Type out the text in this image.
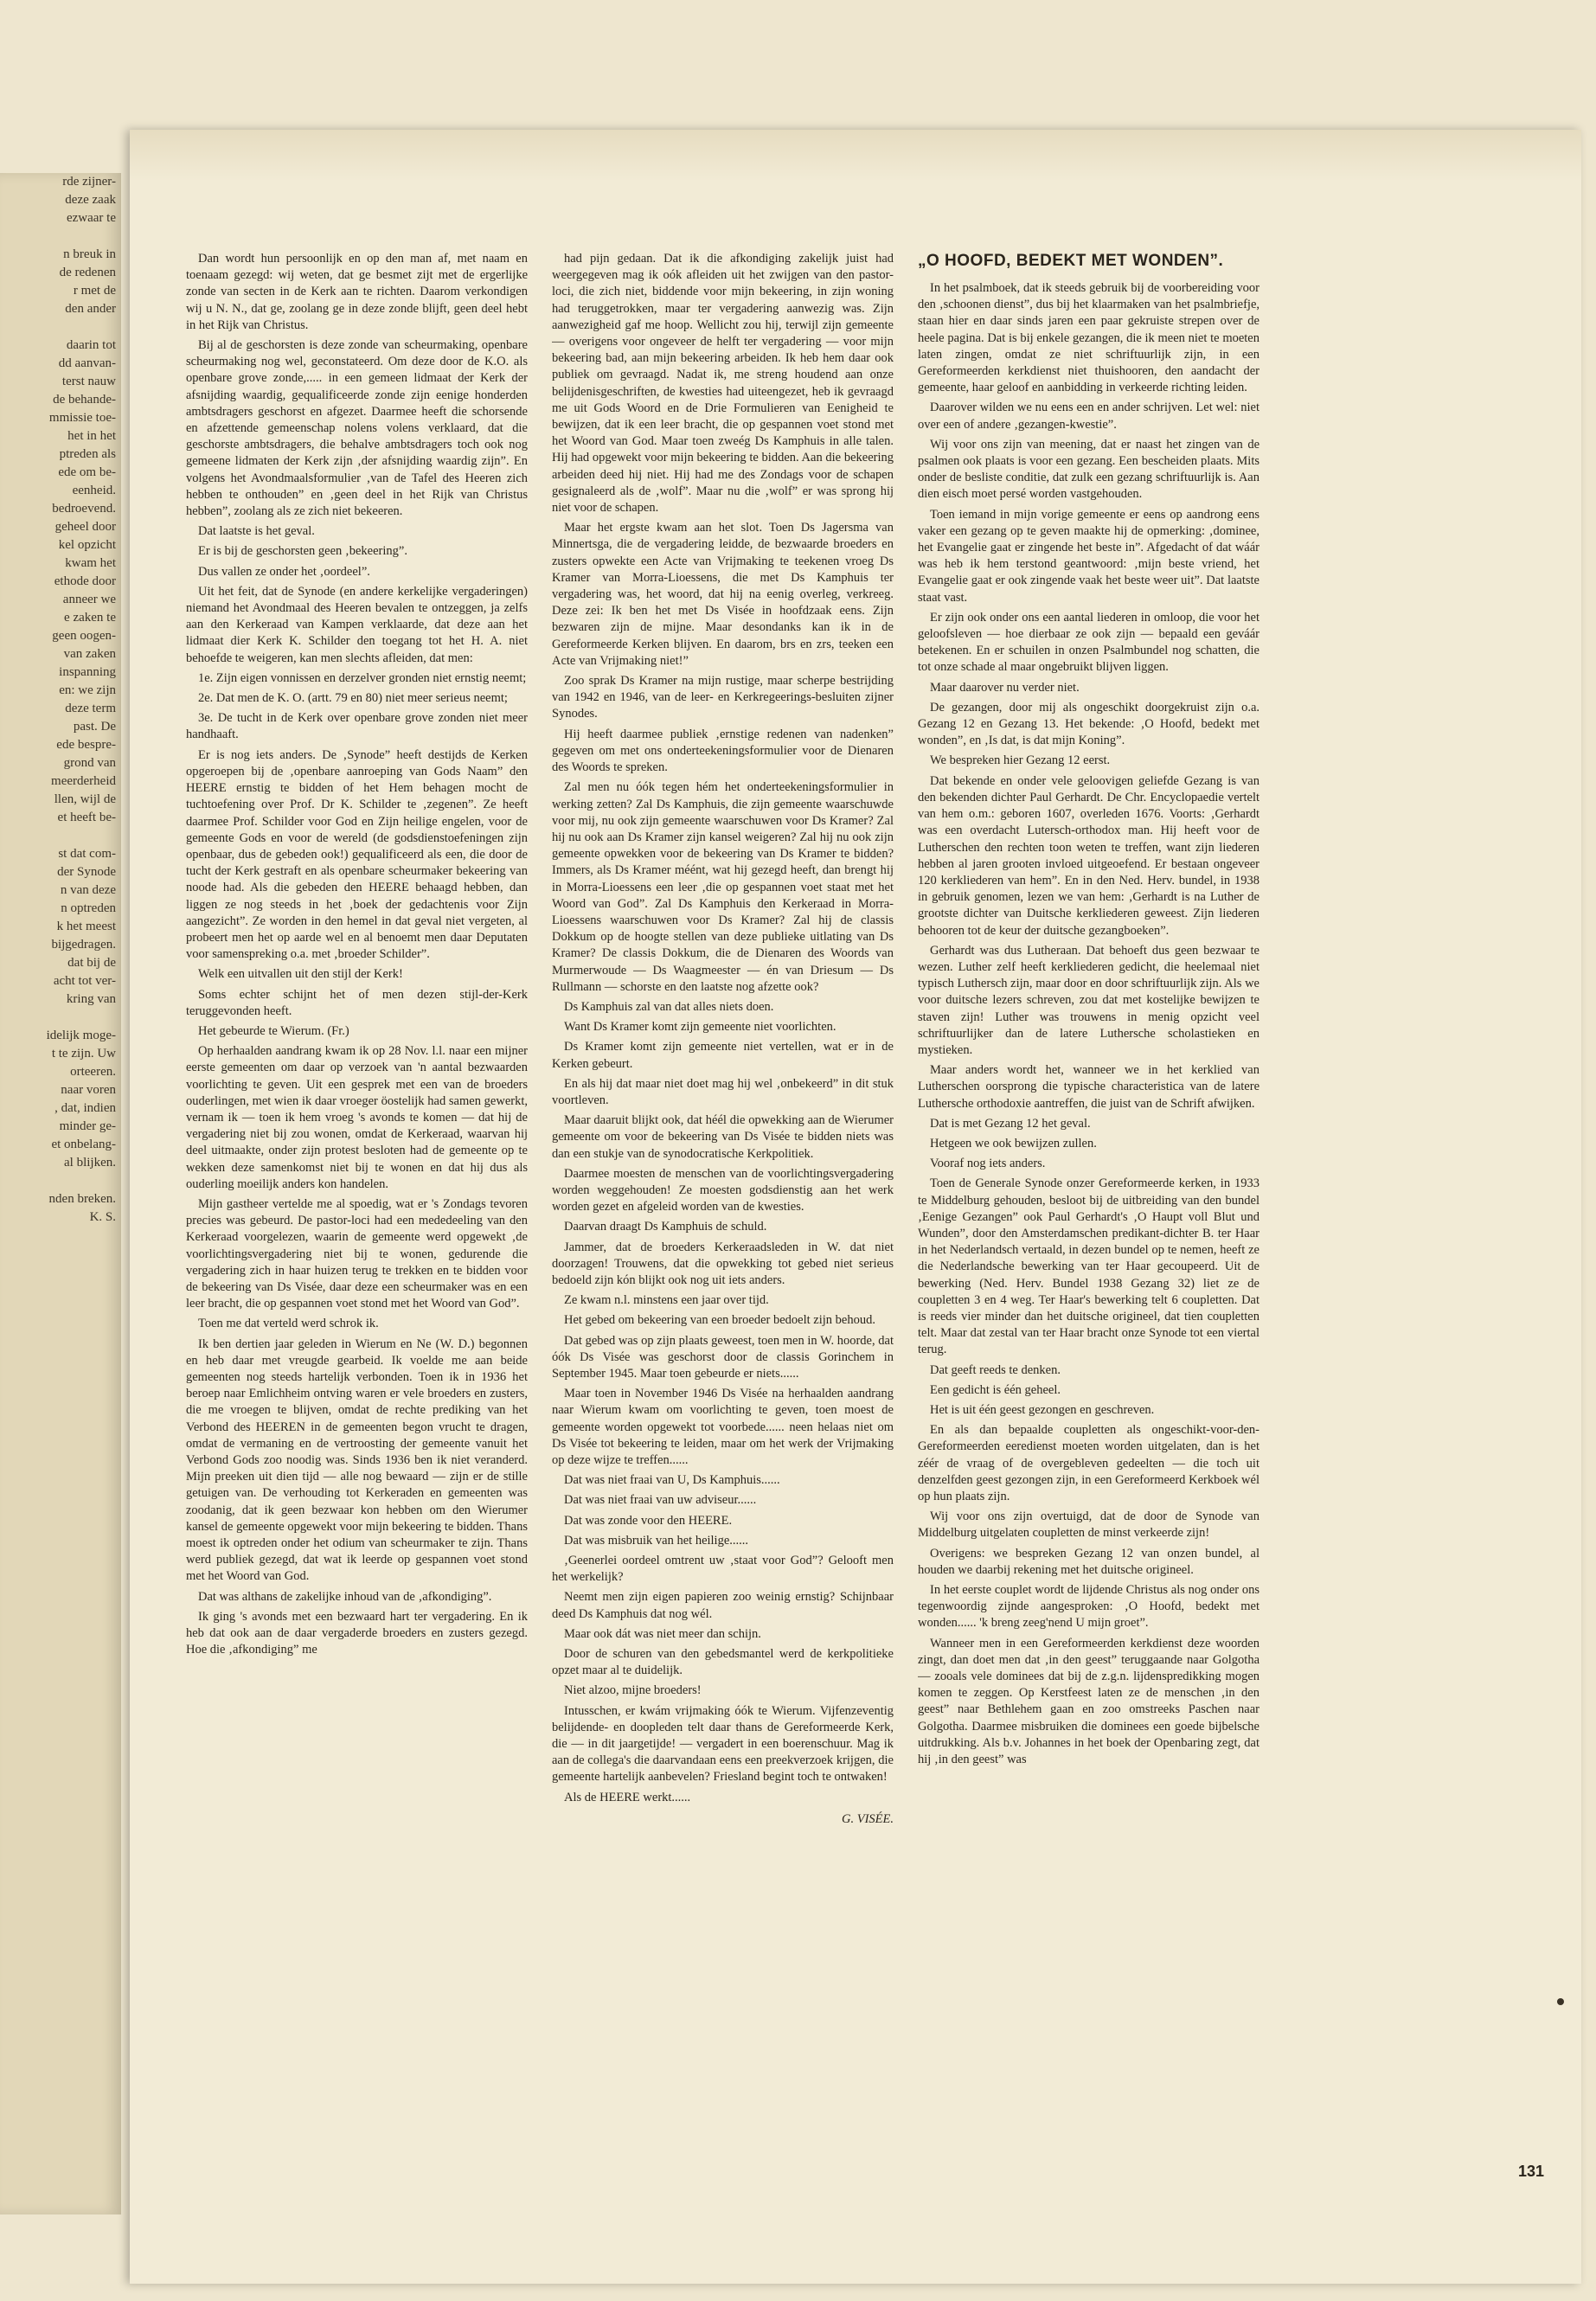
rde zijner-

deze zaak

ezwaar te

n breuk in

de redenen

r met de

den ander

daarin tot

dd aanvan-

terst nauw

de behande-

mmissie toe-

het in het

ptreden als

ede om be-

eenheid.

bedroevend.

geheel door

kel opzicht

kwam het

ethode door

anneer we

e zaken te

geen oogen-

van zaken

inspanning

en: we zijn

deze term

past. De

ede bespre-

grond van

meerderheid

llen, wijl de

et heeft be-

st dat com-

der Synode

n van deze

n optreden

k het meest

bijgedragen.

dat bij de

acht tot ver-

kring van

idelijk moge-

t te zijn. Uw

orteeren.

naar voren

, dat, indien

minder ge-

et onbelang-

al blijken.

nden breken.

K. S.

Dan wordt hun persoonlijk en op den man af, met naam en toenaam gezegd: wij weten, dat ge besmet zijt met de ergerlijke zonde van secten in de Kerk aan te richten. Daarom verkondigen wij u N. N., dat ge, zoolang ge in deze zonde blijft, geen deel hebt in het Rijk van Christus.

Bij al de geschorsten is deze zonde van scheurmaking, openbare scheurmaking nog wel, geconstateerd. Om deze door de K.O. als openbare grove zonde,..... in een gemeen lidmaat der Kerk der afsnijding waardig, gequalificeerde zonde zijn eenige honderden ambtsdragers geschorst en afgezet. Daarmee heeft die schorsende en afzettende gemeenschap nolens volens verklaard, dat die geschorste ambtsdragers, die behalve ambtsdragers toch ook nog gemeene lidmaten der Kerk zijn ‚der afsnijding waardig zijn”. En volgens het Avondmaalsformulier ‚van de Tafel des Heeren zich hebben te onthouden” en ‚geen deel in het Rijk van Christus hebben”, zoolang als ze zich niet bekeeren.

Dat laatste is het geval.

Er is bij de geschorsten geen ‚bekeering”.

Dus vallen ze onder het ‚oordeel”.

Uit het feit, dat de Synode (en andere kerkelijke vergaderingen) niemand het Avondmaal des Heeren bevalen te ontzeggen, ja zelfs aan den Kerkeraad van Kampen verklaarde, dat deze aan het lidmaat dier Kerk K. Schilder den toegang tot het H. A. niet behoefde te weigeren, kan men slechts afleiden, dat men:

1e. Zijn eigen vonnissen en derzelver gronden niet ernstig neemt;

2e. Dat men de K. O. (artt. 79 en 80) niet meer serieus neemt;

3e. De tucht in de Kerk over openbare grove zonden niet meer handhaaft.

Er is nog iets anders. De ‚Synode” heeft destijds de Kerken opgeroepen bij de ‚openbare aanroeping van Gods Naam” den HEERE ernstig te bidden of het Hem behagen mocht de tuchtoefening over Prof. Dr K. Schilder te ‚zegenen”. Ze heeft daarmee Prof. Schilder voor God en Zijn heilige engelen, voor de gemeente Gods en voor de wereld (de godsdienstoefeningen zijn openbaar, dus de gebeden ook!) gequalificeerd als een, die door de tucht der Kerk gestraft en als openbare scheurmaker bekeering van noode had. Als die gebeden den HEERE behaagd hebben, dan liggen ze nog steeds in het ‚boek der gedachtenis voor Zijn aangezicht”. Ze worden in den hemel in dat geval niet vergeten, al probeert men het op aarde wel en al benoemt men daar Deputaten voor samenspreking o.a. met ‚broeder Schilder”.

Welk een uitvallen uit den stijl der Kerk!

Soms echter schijnt het of men dezen stijl-der-Kerk teruggevonden heeft.

Het gebeurde te Wierum. (Fr.)

Op herhaalden aandrang kwam ik op 28 Nov. l.l. naar een mijner eerste gemeenten om daar op verzoek van 'n aantal bezwaarden voorlichting te geven. Uit een gesprek met een van de broeders ouderlingen, met wien ik daar vroeger öostelijk had samen gewerkt, vernam ik — toen ik hem vroeg 's avonds te komen — dat hij de vergadering niet bij zou wonen, omdat de Kerkeraad, waarvan hij deel uitmaakte, onder zijn protest besloten had de gemeente op te wekken deze samenkomst niet bij te wonen en dat hij dus als ouderling moeilijk anders kon handelen.

Mijn gastheer vertelde me al spoedig, wat er 's Zondags tevoren precies was gebeurd. De pastor-loci had een mededeeling van den Kerkeraad voorgelezen, waarin de gemeente werd opgewekt ‚de voorlichtingsvergadering niet bij te wonen, gedurende die vergadering zich in haar huizen terug te trekken en te bidden voor de bekeering van Ds Visée, daar deze een scheurmaker was en een leer bracht, die op gespannen voet stond met het Woord van God”.

Toen me dat verteld werd schrok ik.

Ik ben dertien jaar geleden in Wierum en Ne (W. D.) begonnen en heb daar met vreugde gearbeid. Ik voelde me aan beide gemeenten nog steeds hartelijk verbonden. Toen ik in 1936 het beroep naar Emlichheim ontving waren er vele broeders en zusters, die me vroegen te blijven, omdat de rechte prediking van het Verbond des HEEREN in de gemeenten begon vrucht te dragen, omdat de vermaning en de vertroosting der gemeente vanuit het Verbond Gods zoo noodig was. Sinds 1936 ben ik niet veranderd. Mijn preeken uit dien tijd — alle nog bewaard — zijn er de stille getuigen van. De verhouding tot Kerkeraden en gemeenten was zoodanig, dat ik geen bezwaar kon hebben om den Wierumer kansel de gemeente opgewekt voor mijn bekeering te bidden. Thans moest ik optreden onder het odium van scheurmaker te zijn. Thans werd publiek gezegd, dat wat ik leerde op gespannen voet stond met het Woord van God.

Dat was althans de zakelijke inhoud van de ‚afkondiging”.

Ik ging 's avonds met een bezwaard hart ter vergadering. En ik heb dat ook aan de daar vergaderde broeders en zusters gezegd. Hoe die ‚afkondiging” me

had pijn gedaan. Dat ik die afkondiging zakelijk juist had weergegeven mag ik oók afleiden uit het zwijgen van den pastor-loci, die zich niet, biddende voor mijn bekeering, in zijn woning had teruggetrokken, maar ter vergadering aanwezig was. Zijn aanwezigheid gaf me hoop. Wellicht zou hij, terwijl zijn gemeente — overigens voor ongeveer de helft ter vergadering — voor mijn bekeering bad, aan mijn bekeering arbeiden. Ik heb hem daar ook publiek om gevraagd. Nadat ik, me streng houdend aan onze belijdenisgeschriften, de kwesties had uiteengezet, heb ik gevraagd me uit Gods Woord en de Drie Formulieren van Eenigheid te bewijzen, dat ik een leer bracht, die op gespannen voet stond met het Woord van God. Maar toen zweég Ds Kamphuis in alle talen. Hij had opgewekt voor mijn bekeering te bidden. Aan die bekeering arbeiden deed hij niet. Hij had me des Zondags voor de schapen gesignaleerd als de ‚wolf”. Maar nu die ‚wolf” er was sprong hij niet voor de schapen.

Maar het ergste kwam aan het slot. Toen Ds Jagersma van Minnertsga, die de vergadering leidde, de bezwaarde broeders en zusters opwekte een Acte van Vrijmaking te teekenen vroeg Ds Kramer van Morra-Lioessens, die met Ds Kamphuis ter vergadering was, het woord, dat hij na eenig overleg, verkreeg. Deze zei: Ik ben het met Ds Visée in hoofdzaak eens. Zijn bezwaren zijn de mijne. Maar desondanks kan ik in de Gereformeerde Kerken blijven. En daarom, brs en zrs, teeken een Acte van Vrijmaking niet!”

Zoo sprak Ds Kramer na mijn rustige, maar scherpe bestrijding van 1942 en 1946, van de leer- en Kerkregeerings-besluiten zijner Synodes.

Hij heeft daarmee publiek ‚ernstige redenen van nadenken” gegeven om met ons onderteekeningsformulier voor de Dienaren des Woords te spreken.

Zal men nu óók tegen hém het onderteekeningsformulier in werking zetten? Zal Ds Kamphuis, die zijn gemeente waarschuwde voor mij, nu ook zijn gemeente waarschuwen voor Ds Kramer? Zal hij nu ook aan Ds Kramer zijn kansel weigeren? Zal hij nu ook zijn gemeente opwekken voor de bekeering van Ds Kramer te bidden? Immers, als Ds Kramer méént, wat hij gezegd heeft, dan brengt hij in Morra-Lioessens een leer ‚die op gespannen voet staat met het Woord van God”. Zal Ds Kamphuis den Kerkeraad in Morra-Lioessens waarschuwen voor Ds Kramer? Zal hij de classis Dokkum op de hoogte stellen van deze publieke uitlating van Ds Kramer? De classis Dokkum, die de Dienaren des Woords van Murmerwoude — Ds Waagmeester — én van Driesum — Ds Rullmann — schorste en den laatste nog afzette ook?

Ds Kamphuis zal van dat alles niets doen.

Want Ds Kramer komt zijn gemeente niet voorlichten.

Ds Kramer komt zijn gemeente niet vertellen, wat er in de Kerken gebeurt.

En als hij dat maar niet doet mag hij wel ‚onbekeerd” in dit stuk voortleven.

Maar daaruit blijkt ook, dat héél die opwekking aan de Wierumer gemeente om voor de bekeering van Ds Visée te bidden niets was dan een stukje van de synodocratische Kerkpolitiek.

Daarmee moesten de menschen van de voorlichtingsvergadering worden weggehouden! Ze moesten godsdienstig aan het werk worden gezet en afgeleid worden van de kwesties.

Daarvan draagt Ds Kamphuis de schuld.

Jammer, dat de broeders Kerkeraadsleden in W. dat niet doorzagen! Trouwens, dat die opwekking tot gebed niet serieus bedoeld zijn kón blijkt ook nog uit iets anders.

Ze kwam n.l. minstens een jaar over tijd.

Het gebed om bekeering van een broeder bedoelt zijn behoud.

Dat gebed was op zijn plaats geweest, toen men in W. hoorde, dat óók Ds Visée was geschorst door de classis Gorinchem in September 1945. Maar toen gebeurde er niets......

Maar toen in November 1946 Ds Visée na herhaalden aandrang naar Wierum kwam om voorlichting te geven, toen moest de gemeente worden opgewekt tot voorbede...... neen helaas niet om Ds Visée tot bekeering te leiden, maar om het werk der Vrijmaking op deze wijze te treffen......

Dat was niet fraai van U, Ds Kamphuis......

Dat was niet fraai van uw adviseur......

Dat was zonde voor den HEERE.

Dat was misbruik van het heilige......

‚Geenerlei oordeel omtrent uw ‚staat voor God”? Gelooft men het werkelijk?

Neemt men zijn eigen papieren zoo weinig ernstig? Schijnbaar deed Ds Kamphuis dat nog wél.

Maar ook dát was niet meer dan schijn.

Door de schuren van den gebedsmantel werd de kerkpolitieke opzet maar al te duidelijk.

Niet alzoo, mijne broeders!

Intusschen, er kwám vrijmaking óók te Wierum. Vijfenzeventig belijdende- en doopleden telt daar thans de Gereformeerde Kerk, die — in dit jaargetijde! — vergadert in een boerenschuur. Mag ik aan de collega's die daarvandaan eens een preekverzoek krijgen, die gemeente hartelijk aanbevelen? Friesland begint toch te ontwaken!

Als de HEERE werkt......

G. VISÉE.

„O HOOFD, BEDEKT MET WONDEN”.

In het psalmboek, dat ik steeds gebruik bij de voorbereiding voor den ‚schoonen dienst”, dus bij het klaarmaken van het psalmbriefje, staan hier en daar sinds jaren een paar gekruiste strepen over de heele pagina. Dat is bij enkele gezangen, die ik meen niet te moeten laten zingen, omdat ze niet schriftuurlijk zijn, in een Gereformeerden kerkdienst niet thuishooren, den aandacht der gemeente, haar geloof en aanbidding in verkeerde richting leiden.

Daarover wilden we nu eens een en ander schrijven. Let wel: niet over een of andere ‚gezangen-kwestie”.

Wij voor ons zijn van meening, dat er naast het zingen van de psalmen ook plaats is voor een gezang. Een bescheiden plaats. Mits onder de besliste conditie, dat zulk een gezang schriftuurlijk is. Aan dien eisch moet persé worden vastgehouden.

Toen iemand in mijn vorige gemeente er eens op aandrong eens vaker een gezang op te geven maakte hij de opmerking: ‚dominee, het Evangelie gaat er zingende het beste in”. Afgedacht of dat wáár was heb ik hem terstond geantwoord: ‚mijn beste vriend, het Evangelie gaat er ook zingende vaak het beste weer uit”. Dat laatste staat vast.

Er zijn ook onder ons een aantal liederen in omloop, die voor het geloofsleven — hoe dierbaar ze ook zijn — bepaald een geváár betekenen. En er schuilen in onzen Psalmbundel nog schatten, die tot onze schade al maar ongebruikt blijven liggen.

Maar daarover nu verder niet.

De gezangen, door mij als ongeschikt doorgekruist zijn o.a. Gezang 12 en Gezang 13. Het bekende: ‚O Hoofd, bedekt met wonden”, en ‚Is dat, is dat mijn Koning”.

We bespreken hier Gezang 12 eerst.

Dat bekende en onder vele geloovigen geliefde Gezang is van den bekenden dichter Paul Gerhardt. De Chr. Encyclopaedie vertelt van hem o.m.: geboren 1607, overleden 1676. Voorts: ‚Gerhardt was een overdacht Lutersch-orthodox man. Hij heeft voor de Lutherschen den rechten toon weten te treffen, want zijn liederen hebben al jaren grooten invloed uitgeoefend. Er bestaan ongeveer 120 kerkliederen van hem”. En in den Ned. Herv. bundel, in 1938 in gebruik genomen, lezen we van hem: ‚Gerhardt is na Luther de grootste dichter van Duitsche kerkliederen geweest. Zijn liederen behooren tot de keur der duitsche gezangboeken”.

Gerhardt was dus Lutheraan. Dat behoeft dus geen bezwaar te wezen. Luther zelf heeft kerkliederen gedicht, die heelemaal niet typisch Luthersch zijn, maar door en door schriftuurlijk zijn. Als we voor duitsche lezers schreven, zou dat met kostelijke bewijzen te staven zijn! Luther was trouwens in menig opzicht veel schriftuurlijker dan de latere Luthersche scholastieken en mystieken.

Maar anders wordt het, wanneer we in het kerklied van Lutherschen oorsprong die typische characteristica van de latere Luthersche orthodoxie aantreffen, die juist van de Schrift afwijken.

Dat is met Gezang 12 het geval.

Hetgeen we ook bewijzen zullen.

Vooraf nog iets anders.

Toen de Generale Synode onzer Gereformeerde kerken, in 1933 te Middelburg gehouden, besloot bij de uitbreiding van den bundel ‚Eenige Gezangen” ook Paul Gerhardt's ‚O Haupt voll Blut und Wunden”, door den Amsterdamschen predikant-dichter B. ter Haar in het Nederlandsch vertaald, in dezen bundel op te nemen, heeft ze die Nederlandsche bewerking van ter Haar gecoupeerd. Uit de bewerking (Ned. Herv. Bundel 1938 Gezang 32) liet ze de coupletten 3 en 4 weg. Ter Haar's bewerking telt 6 coupletten. Dat is reeds vier minder dan het duitsche origineel, dat tien coupletten telt. Maar dat zestal van ter Haar bracht onze Synode tot een viertal terug.

Dat geeft reeds te denken.

Een gedicht is één geheel.

Het is uit één geest gezongen en geschreven.

En als dan bepaalde coupletten als ongeschikt-voor-den-Gereformeerden eeredienst moeten worden uitgelaten, dan is het zéér de vraag of de overgebleven gedeelten — die toch uit denzelfden geest gezongen zijn, in een Gereformeerd Kerkboek wél op hun plaats zijn.

Wij voor ons zijn overtuigd, dat de door de Synode van Middelburg uitgelaten coupletten de minst verkeerde zijn!

Overigens: we bespreken Gezang 12 van onzen bundel, al houden we daarbij rekening met het duitsche origineel.

In het eerste couplet wordt de lijdende Christus als nog onder ons tegenwoordig zijnde aangesproken: ‚O Hoofd, bedekt met wonden...... 'k breng zeeg'nend U mijn groet”.

Wanneer men in een Gereformeerden kerkdienst deze woorden zingt, dan doet men dat ‚in den geest” teruggaande naar Golgotha — zooals vele dominees dat bij de z.g.n. lijdenspredikking mogen komen te zeggen. Op Kerstfeest laten ze de menschen ‚in den geest” naar Bethlehem gaan en zoo omstreeks Paschen naar Golgotha. Daarmee misbruiken die dominees een goede bijbelsche uitdrukking. Als b.v. Johannes in het boek der Openbaring zegt, dat hij ‚in den geest” was

131
